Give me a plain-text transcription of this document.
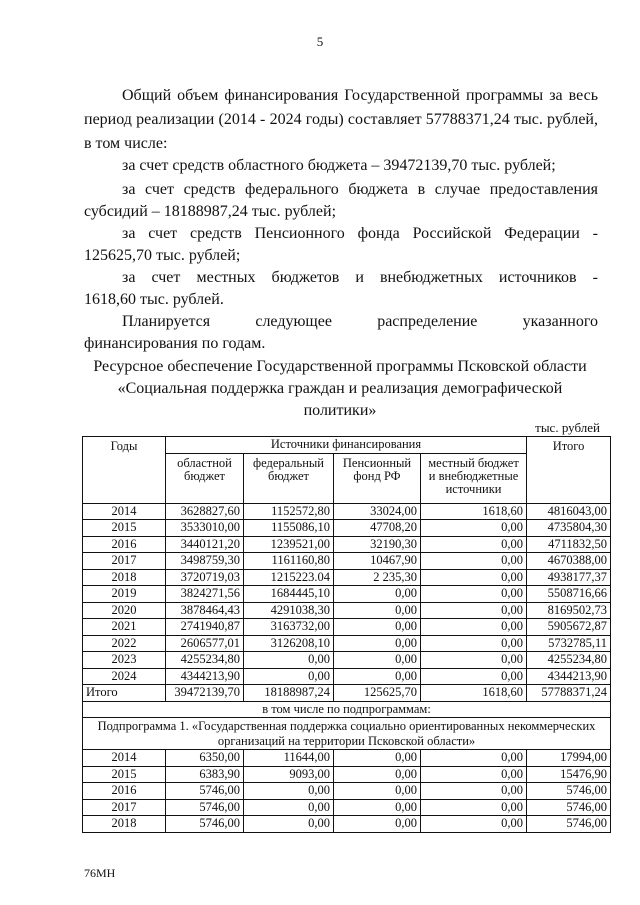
5

Общий объем финансирования Государственной программы за весь

период реализации (2014 - 2024 годы) составляет 57788371,24 тыс. рублей,

в том числе:

за счет средств областного бюджета – 39472139,70 тыс. рублей;

за счет средств федерального бюджета в случае предоставления

субсидий – 18188987,24 тыс. рублей;

за счет средств Пенсионного фонда Российской Федерации -

125625,70 тыс. рублей;

за счет местных бюджетов и внебюджетных источников -

1618,60 тыс. рублей.

Планируется следующее распределение указанного

финансирования по годам.

Ресурсное обеспечение Государственной программы Псковской области

«Социальная поддержка граждан и реализация демографической

политики»

тыс. рублей
Годы	Источники финансирования				Итого
	областной бюджет	федеральный бюджет	Пенсионный фонд РФ	местный бюджет и внебюджетные источники	
2014	3628827,60	1152572,80	33024,00	1618,60	4816043,00
2015	3533010,00	1155086,10	47708,20	0,00	4735804,30
2016	3440121,20	1239521,00	32190,30	0,00	4711832,50
2017	3498759,30	1161160,80	10467,90	0,00	4670388,00
2018	3720719,03	1215223.04	2 235,30	0,00	4938177,37
2019	3824271,56	1684445,10	0,00	0,00	5508716,66
2020	3878464,43	4291038,30	0,00	0,00	8169502,73
2021	2741940,87	3163732,00	0,00	0,00	5905672,87
2022	2606577,01	3126208,10	0,00	0,00	5732785,11
2023	4255234,80	0,00	0,00	0,00	4255234,80
2024	4344213,90	0,00	0,00	0,00	4344213,90
Итого	39472139,70	18188987,24	125625,70	1618,60	57788371,24
в том числе по подпрограммам:					
Подпрограмма 1. «Государственная поддержка социально ориентированных некоммерческих организаций на территории Псковской области»					
2014	6350,00	11644,00	0,00	0,00	17994,00
2015	6383,90	9093,00	0,00	0,00	15476,90
2016	5746,00	0,00	0,00	0,00	5746,00
2017	5746,00	0,00	0,00	0,00	5746,00
2018	5746,00	0,00	0,00	0,00	5746,00
76МН
